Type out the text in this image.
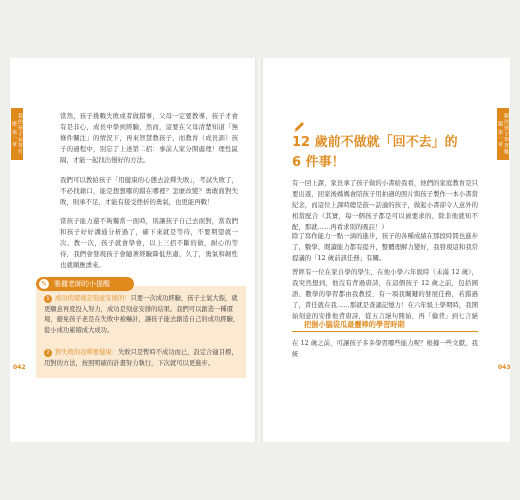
我的孩子在學什麼 第一章
042

當然，孩子挑戰失敗或者做錯事，父母一定要教導，孩子才會有是非心，成長中學到經驗，然而，這要在父母清楚知道「無條件關注」的情況下，再來智慧教孩子，而教育（成長訓）孩子的過程中，別忘了上述第二招：事前人家分開處理！理性區隔，才能一起找出慢好的方法。

我們可以教給孩子「用健康的心態去詮釋失敗」，考試失敗了，不必找藉口，能是想想哪的錯在哪裡？怎麼改變？勇敢面對失敗，則承不足，才能有接受挫折的勇氣，也更能再戰！

當孩子能力還不夠獨當一面時，別讓孩子自己去面對，當我們和孩子好好溝通分析過了，確下來就是等待，不要期望就一次、教一次，孩子就會學會，以上三招不斷的做，耐心的等待，我們會發現孩子會隨著經驗降低焦慮、久了，勇氣和韌性也就順應湧來。

雅麗老師的小提醒
✎

1 成功的環境是刻意安排的！只要一次成功經驗，孩子士氣大振，就更願意再度投入努力，成功是刻意安排的結果。我們可以創造一種環境，避免孩子老是在失敗中被嚇計，讓孩子能去創造自己的成功經驗，從小成功累積成大成功。

2 對失敗的詮釋要健康：失敗只是暫時不成功而已，設定合適目標，用對的方法，按照明確的計畫努力執行，下次就可以更進步。

解決孩子學習難題 第一章
043

12 歲前不做就「回不去」的
6 件事！

有一回上課，家長拿了孩子做的小書給我看，他們的家庭教育是只要出遊，回家後媽媽會陪孩子用拍過的照片與孩子製作一本小書當紀念，而這位上課時總是鼓～話適的孩子，做起小書卻令人意外的相當配合（其實，每一個孩子都是可以被要求的，除非他就知不配，那就……再看求別的吸註！）

除了寫作能力一點一滴的進步，孩子的各種成績在那段時間也進步了，數學、閱讀能力都有提升，整體理解力變好，我發現這和我常提議的「12 歲前該任務」有關。

曾經有一位在家自學的學生，在他小學六年級時（未滿 12 歲），我突然想到，他沒有背過唐詩，在這個孩子 12 歲之前，包括國語、數學的學習都由我教授，有一項我關鍵的發展任務，若錯過了，責任就在我……那就是查誦記憶力！在六年級上學期時，我開始刻意的安排他背唐詩，從五言絕句開始，再「倫背」到七言絕

把握小腦袋瓜最靈棒的學習時期

在 12 歲之前，可讓孩子多多學習哪些能力呢？根據一些文獻，我統
